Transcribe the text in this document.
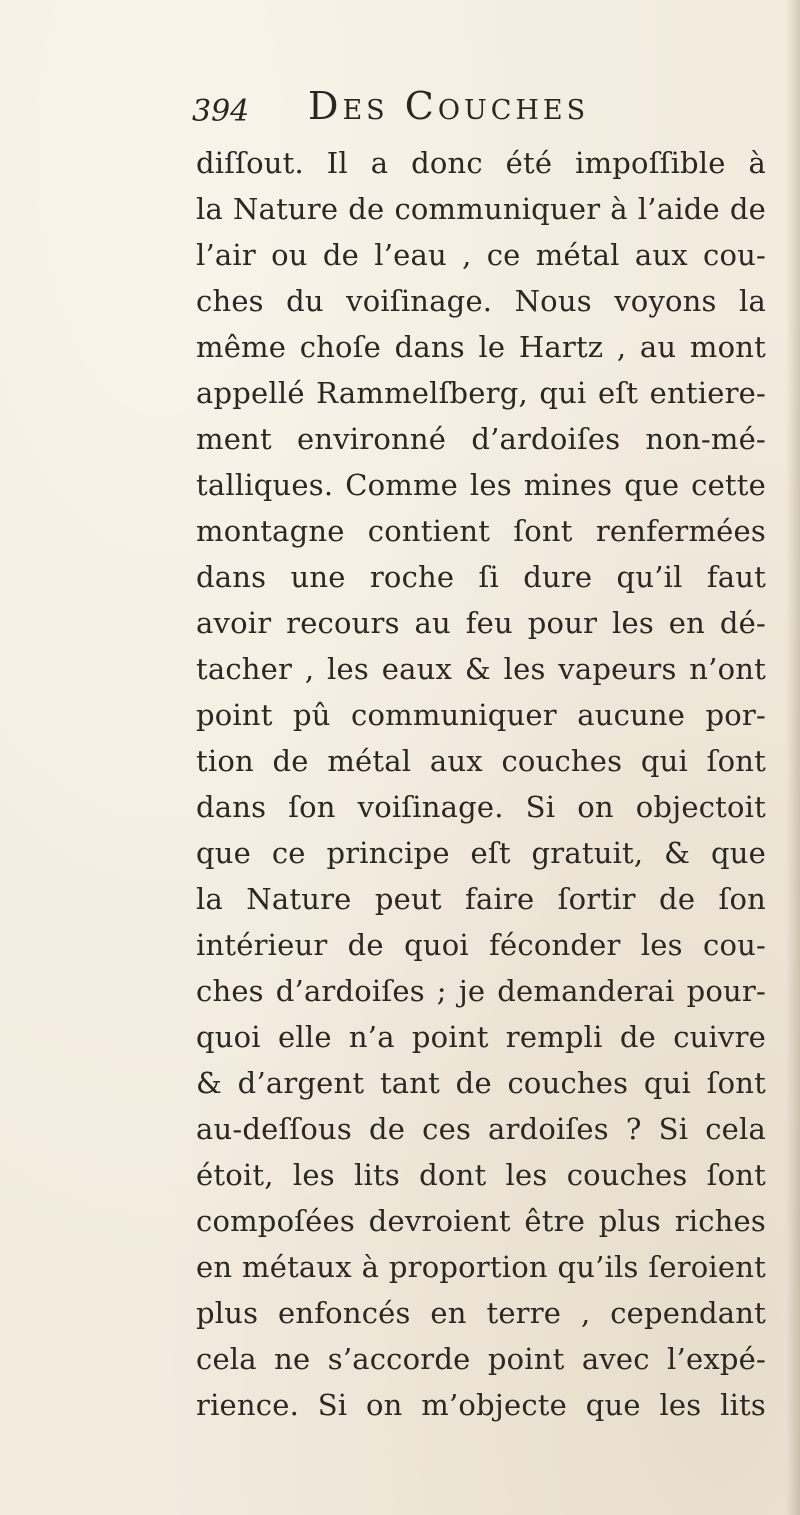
394 Des Couches
diſſout. Il a donc été impoſſible à
la Nature de communiquer à l’aide de
l’air ou de l’eau , ce métal aux cou-
ches du voiſinage. Nous voyons la
même choſe dans le Hartz , au mont
appellé Rammelſberg, qui eſt entiere-
ment environné d’ardoiſes non-mé-
talliques. Comme les mines que cette
montagne contient ſont renfermées
dans une roche ſi dure qu’il faut
avoir recours au feu pour les en dé-
tacher , les eaux & les vapeurs n’ont
point pû communiquer aucune por-
tion de métal aux couches qui ſont
dans ſon voiſinage. Si on objectoit
que ce principe eſt gratuit, & que
la Nature peut faire ſortir de ſon
intérieur de quoi féconder les cou-
ches d’ardoiſes ; je demanderai pour-
quoi elle n’a point rempli de cuivre
& d’argent tant de couches qui ſont
au-deſſous de ces ardoiſes ? Si cela
étoit, les lits dont les couches ſont
compoſées devroient être plus riches
en métaux à proportion qu’ils ſeroient
plus enfoncés en terre , cependant
cela ne s’accorde point avec l’expé-
rience. Si on m’objecte que les lits
